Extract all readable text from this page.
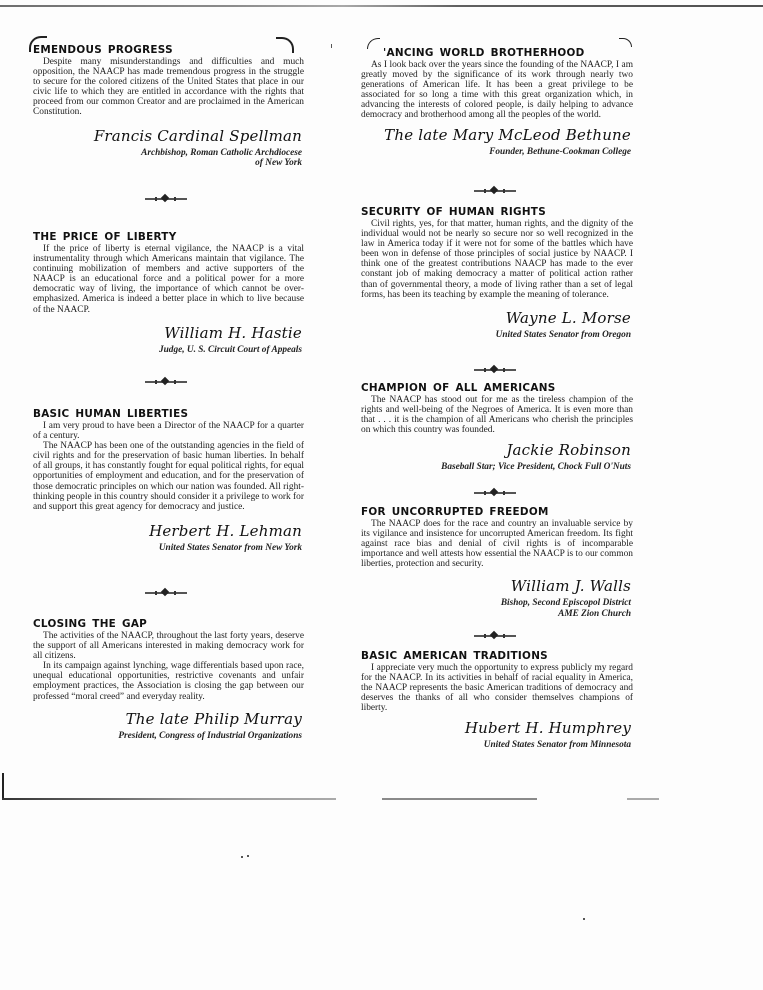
EMENDOUS PROGRESS

Despite many misunderstandings and difficulties and much opposition, the NAACP has made tremendous progress in the struggle to secure for the colored citizens of the United States that place in our civic life to which they are entitled in accordance with the rights that proceed from our common Creator and are proclaimed in the American Constitution.

Francis Cardinal Spellman
Archbishop, Roman Catholic Archdiocese
of New York
THE PRICE OF LIBERTY

If the price of liberty is eternal vigilance, the NAACP is a vital instrumentality through which Americans maintain that vigilance. The continuing mobilization of members and active supporters of the NAACP is an educational force and a political power for a more democratic way of living, the importance of which cannot be over-emphasized. America is indeed a better place in which to live because of the NAACP.

William H. Hastie
Judge, U. S. Circuit Court of Appeals
BASIC HUMAN LIBERTIES

I am very proud to have been a Director of the NAACP for a quarter of a century.

The NAACP has been one of the outstanding agencies in the field of civil rights and for the preservation of basic human liberties. In behalf of all groups, it has constantly fought for equal political rights, for equal opportunities of employment and education, and for the preservation of those democratic principles on which our nation was founded. All right-thinking people in this country should consider it a privilege to work for and support this great agency for democracy and justice.

Herbert H. Lehman
United States Senator from New York
CLOSING THE GAP

The activities of the NAACP, throughout the last forty years, deserve the support of all Americans interested in making democracy work for all citizens.

In its campaign against lynching, wage differentials based upon race, unequal educational opportunities, restrictive covenants and unfair employment practices, the Association is closing the gap between our professed “moral creed” and everyday reality.

The late Philip Murray
President, Congress of Industrial Organizations
'ANCING WORLD BROTHERHOOD

As I look back over the years since the founding of the NAACP, I am greatly moved by the significance of its work through nearly two generations of American life. It has been a great privilege to be associated for so long a time with this great organization which, in advancing the interests of colored people, is daily helping to advance democracy and brotherhood among all the peoples of the world.

The late Mary McLeod Bethune
Founder, Bethune-Cookman College
SECURITY OF HUMAN RIGHTS

Civil rights, yes, for that matter, human rights, and the dignity of the individual would not be nearly so secure nor so well recognized in the law in America today if it were not for some of the battles which have been won in defense of those principles of social justice by NAACP. I think one of the greatest contributions NAACP has made to the ever constant job of making democracy a matter of political action rather than of governmental theory, a mode of living rather than a set of legal forms, has been its teaching by example the meaning of tolerance.

Wayne L. Morse
United States Senator from Oregon
CHAMPION OF ALL AMERICANS

The NAACP has stood out for me as the tireless champion of the rights and well-being of the Negroes of America. It is even more than that . . . it is the champion of all Americans who cherish the principles on which this country was founded.

Jackie Robinson
Baseball Star; Vice President, Chock Full O'Nuts
FOR UNCORRUPTED FREEDOM

The NAACP does for the race and country an invaluable service by its vigilance and insistence for uncorrupted American freedom. Its fight against race bias and denial of civil rights is of incomparable importance and well attests how essential the NAACP is to our common liberties, protection and security.

William J. Walls
Bishop, Second Episcopol District
AME Zion Church
BASIC AMERICAN TRADITIONS

I appreciate very much the opportunity to express publicly my regard for the NAACP. In its activities in behalf of racial equality in America, the NAACP represents the basic American traditions of democracy and deserves the thanks of all who consider themselves champions of liberty.

Hubert H. Humphrey
United States Senator from Minnesota
